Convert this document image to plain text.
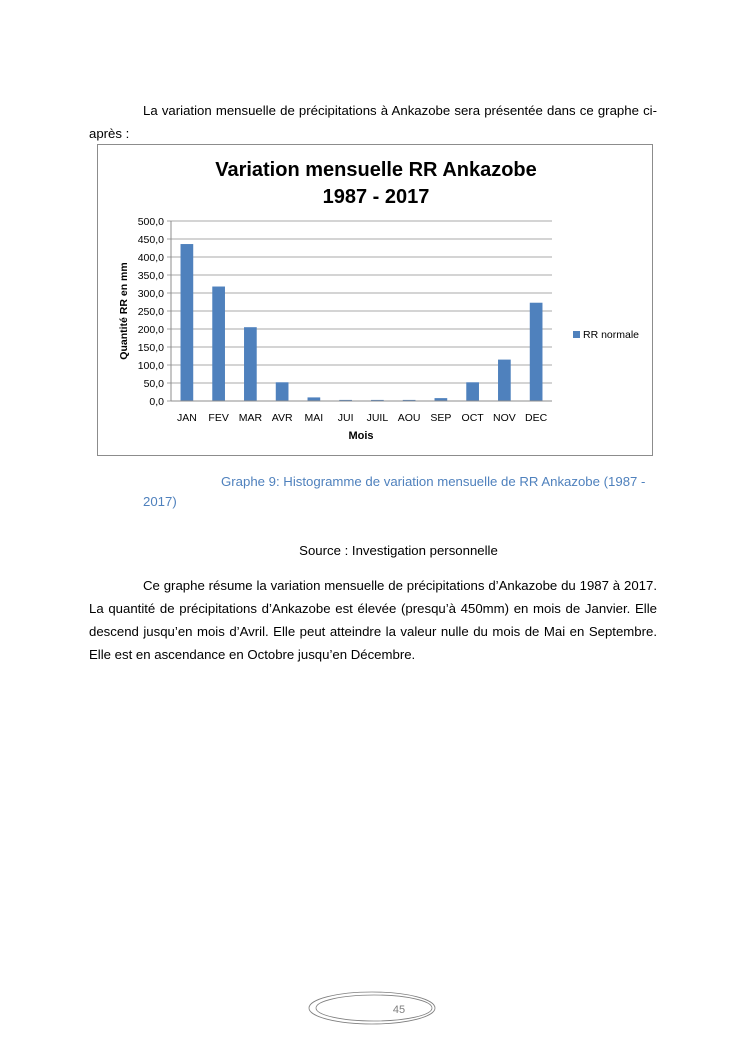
La variation mensuelle de précipitations à Ankazobe sera présentée dans ce graphe ci-après :

Variation mensuelle RR Ankazobe
1987 - 2017
0,0
50,0
100,0
150,0
200,0
250,0
300,0
350,0
400,0
450,0
500,0
JAN FEV MAR AVR MAI JUI JUIL AOU SEP OCT NOV DEC
Mois
Quantité RR en mm	RR normale
Graphe 9: Histogramme de variation mensuelle de RR Ankazobe (1987 - 2017)
Source : Investigation personnelle

Ce graphe résume la variation mensuelle de précipitations d’Ankazobe du 1987 à 2017. La quantité de précipitations d’Ankazobe est élevée (presqu’à 450mm) en mois de Janvier. Elle descend jusqu’en mois d’Avril. Elle peut atteindre la valeur nulle du mois de Mai en Septembre. Elle est en ascendance en Octobre jusqu’en Décembre.

45
